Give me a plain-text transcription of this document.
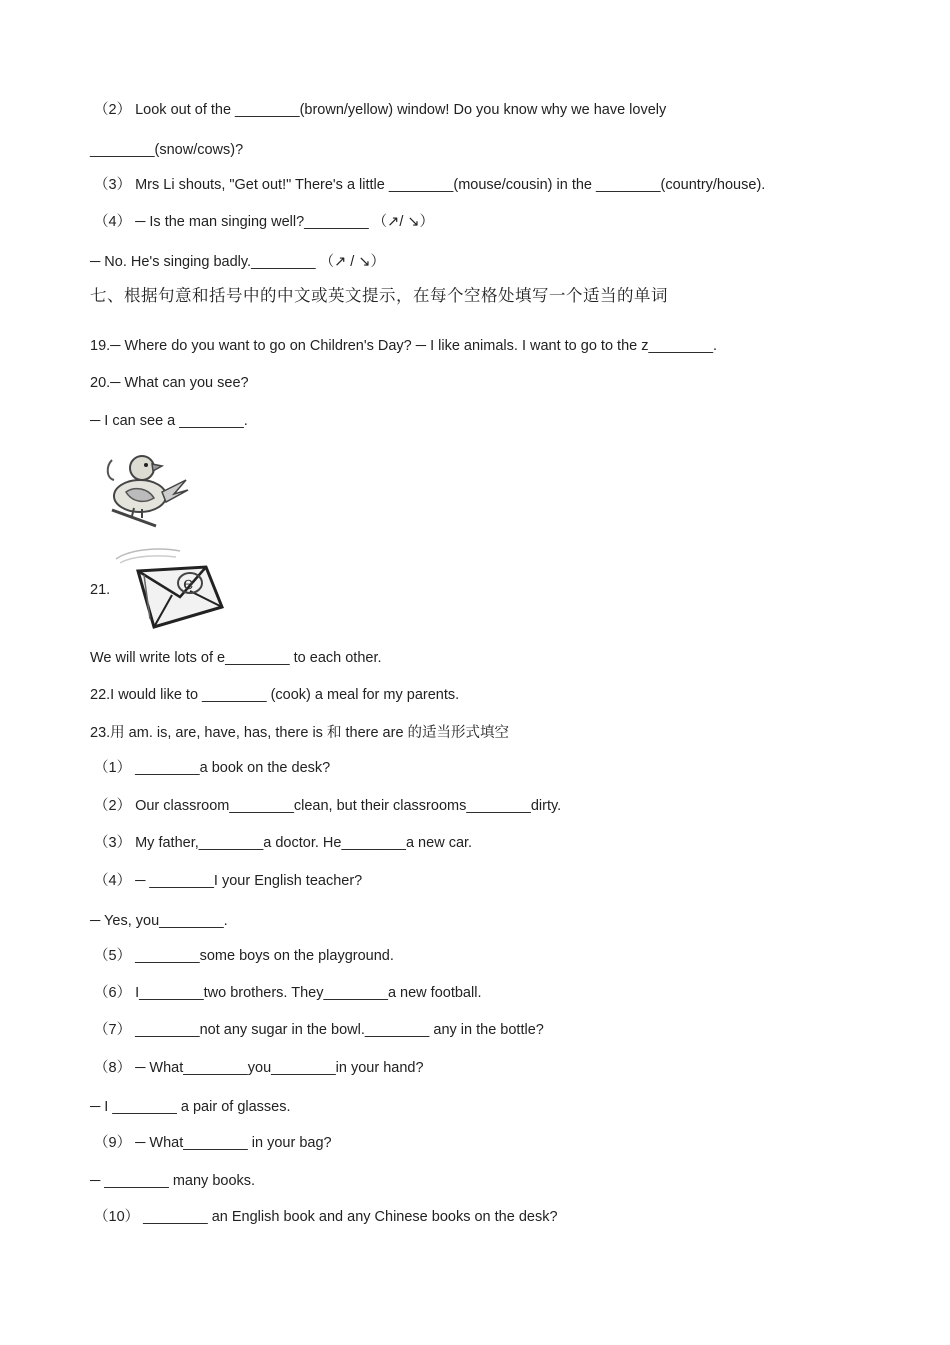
（2） Look out of the ________(brown/yellow) window! Do you know why we have lovely
________(snow/cows)?
（3） Mrs Li shouts, "Get out!" There's a little ________(mouse/cousin) in the ________(country/house).
（4） ─ Is the man singing well?________ （↗/ ↘）
─ No. He's singing badly.________ （↗ / ↘）
七、根据句意和括号中的中文或英文提示，在每个空格处填写一个适当的单词
19.─ Where do you want to go on Children's Day? ─ I like animals. I want to go to the z________.
20.─ What can you see?
─ I can see a ________.
21.	e
We will write lots of e________ to each other.
22.I would like to ________ (cook) a meal for my parents.
23.用 am. is, are, have, has, there is 和 there are 的适当形式填空
（1） ________a book on the desk?
（2） Our classroom________clean, but their classrooms________dirty.
（3） My father,________a doctor. He________a new car.
（4） ─ ________I your English teacher?
─ Yes, you________.
（5） ________some boys on the playground.
（6） I________two brothers. They________a new football.
（7） ________not any sugar in the bowl.________ any in the bottle?
（8） ─ What________you________in your hand?
─ I ________ a pair of glasses.
（9） ─ What________ in your bag?
─ ________ many books.
（10） ________ an English book and any Chinese books on the desk?
